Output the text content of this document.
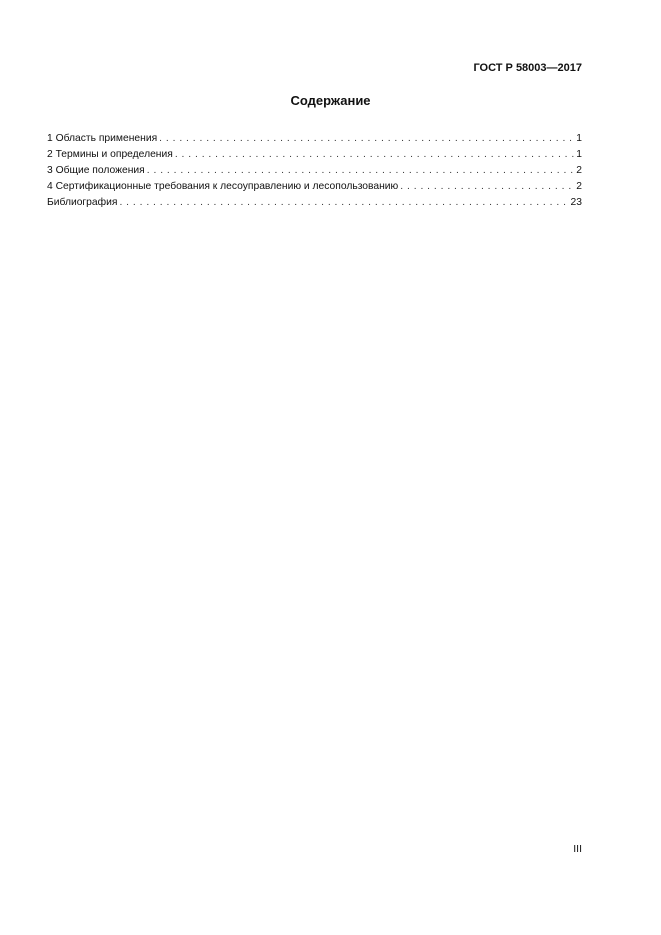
ГОСТ Р 58003—2017
Содержание
1 Область применения . . .	1
2 Термины и определения . . .	1
3 Общие положения . . .	2
4 Сертификационные требования к лесоуправлению и лесопользованию . . .	2
Библиография . . .	23
III
